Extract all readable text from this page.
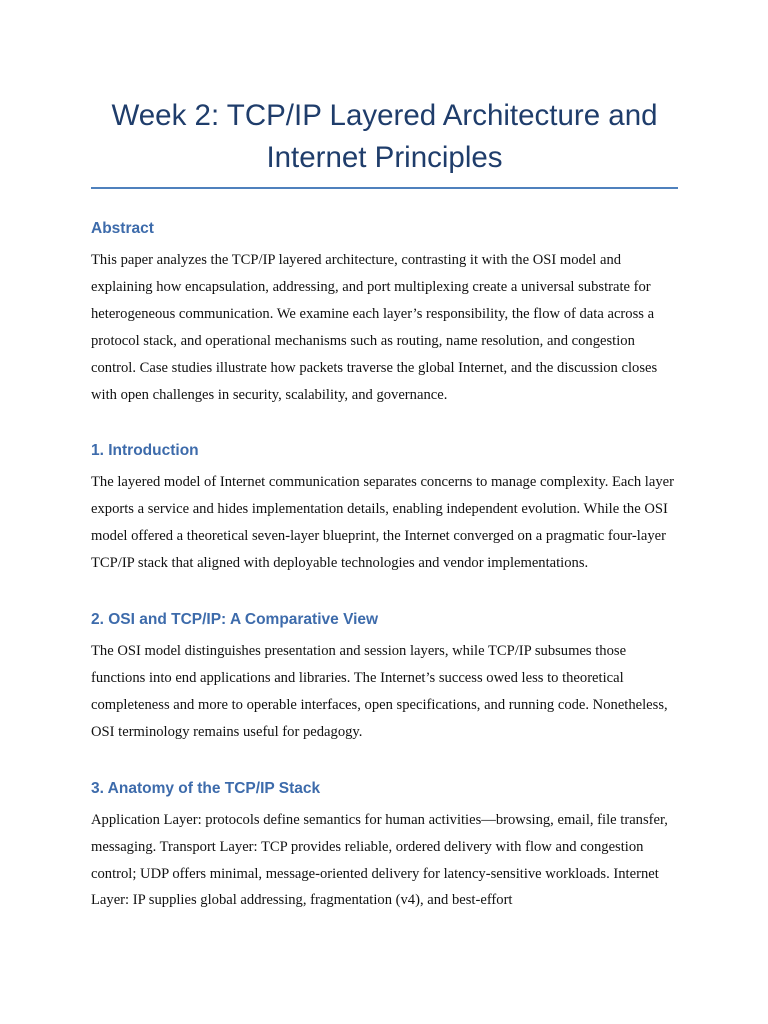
Week 2: TCP/IP Layered Architecture and Internet Principles
Abstract

This paper analyzes the TCP/IP layered architecture, contrasting it with the OSI model and explaining how encapsulation, addressing, and port multiplexing create a universal substrate for heterogeneous communication. We examine each layer’s responsibility, the flow of data across a protocol stack, and operational mechanisms such as routing, name resolution, and congestion control. Case studies illustrate how packets traverse the global Internet, and the discussion closes with open challenges in security, scalability, and governance.

1. Introduction

The layered model of Internet communication separates concerns to manage complexity. Each layer exports a service and hides implementation details, enabling independent evolution. While the OSI model offered a theoretical seven-layer blueprint, the Internet converged on a pragmatic four-layer TCP/IP stack that aligned with deployable technologies and vendor implementations.

2. OSI and TCP/IP: A Comparative View

The OSI model distinguishes presentation and session layers, while TCP/IP subsumes those functions into end applications and libraries. The Internet’s success owed less to theoretical completeness and more to operable interfaces, open specifications, and running code. Nonetheless, OSI terminology remains useful for pedagogy.

3. Anatomy of the TCP/IP Stack

Application Layer: protocols define semantics for human activities—browsing, email, file transfer, messaging. Transport Layer: TCP provides reliable, ordered delivery with flow and congestion control; UDP offers minimal, message-oriented delivery for latency-sensitive workloads. Internet Layer: IP supplies global addressing, fragmentation (v4), and best-effort
